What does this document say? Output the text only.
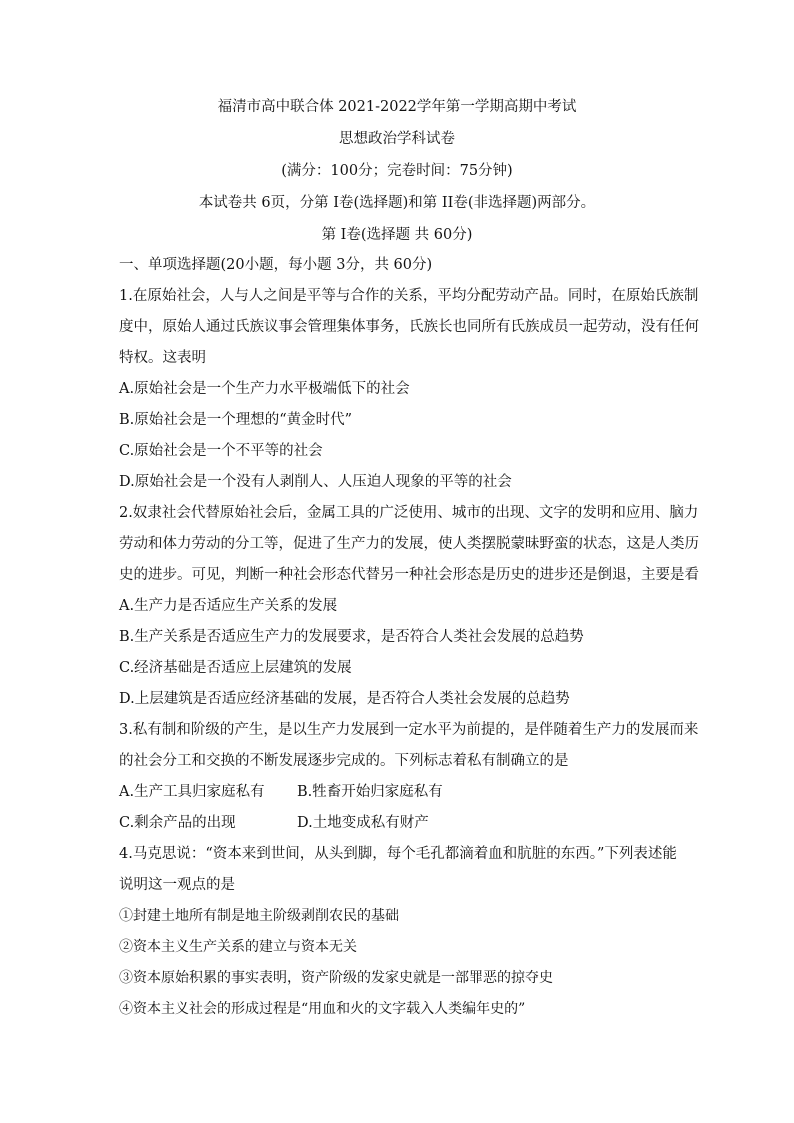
福清市高中联合体 2021-2022学年第一学期高期中考试
思想政治学科试卷
(满分：100分；完卷时间：75分钟)
本试卷共 6页，分第 I卷(选择题)和第 II卷(非选择题)两部分。
第 I卷(选择题 共 60分)
一、单项选择题(20小题，每小题 3分，共 60分)
1.在原始社会，人与人之间是平等与合作的关系，平均分配劳动产品。同时，在原始氏族制
度中，原始人通过氏族议事会管理集体事务，氏族长也同所有氏族成员一起劳动，没有任何
特权。这表明
A.原始社会是一个生产力水平极端低下的社会
B.原始社会是一个理想的“黄金时代”
C.原始社会是一个不平等的社会
D.原始社会是一个没有人剥削人、人压迫人现象的平等的社会
2.奴隶社会代替原始社会后，金属工具的广泛使用、城市的出现、文字的发明和应用、脑力
劳动和体力劳动的分工等，促进了生产力的发展，使人类摆脱蒙昧野蛮的状态，这是人类历
史的进步。可见，判断一种社会形态代替另一种社会形态是历史的进步还是倒退，主要是看
A.生产力是否适应生产关系的发展
B.生产关系是否适应生产力的发展要求，是否符合人类社会发展的总趋势
C.经济基础是否适应上层建筑的发展
D.上层建筑是否适应经济基础的发展，是否符合人类社会发展的总趋势
3.私有制和阶级的产生，是以生产力发展到一定水平为前提的，是伴随着生产力的发展而来
的社会分工和交换的不断发展逐步完成的。下列标志着私有制确立的是
A.生产工具归家庭私有	B.牲畜开始归家庭私有
C.剩余产品的出现	D.土地变成私有财产
4.马克思说：“资本来到世间，从头到脚，每个毛孔都滴着血和肮脏的东西。”下列表述能
说明这一观点的是
①封建土地所有制是地主阶级剥削农民的基础
②资本主义生产关系的建立与资本无关
③资本原始积累的事实表明，资产阶级的发家史就是一部罪恶的掠夺史
④资本主义社会的形成过程是“用血和火的文字载入人类编年史的”
